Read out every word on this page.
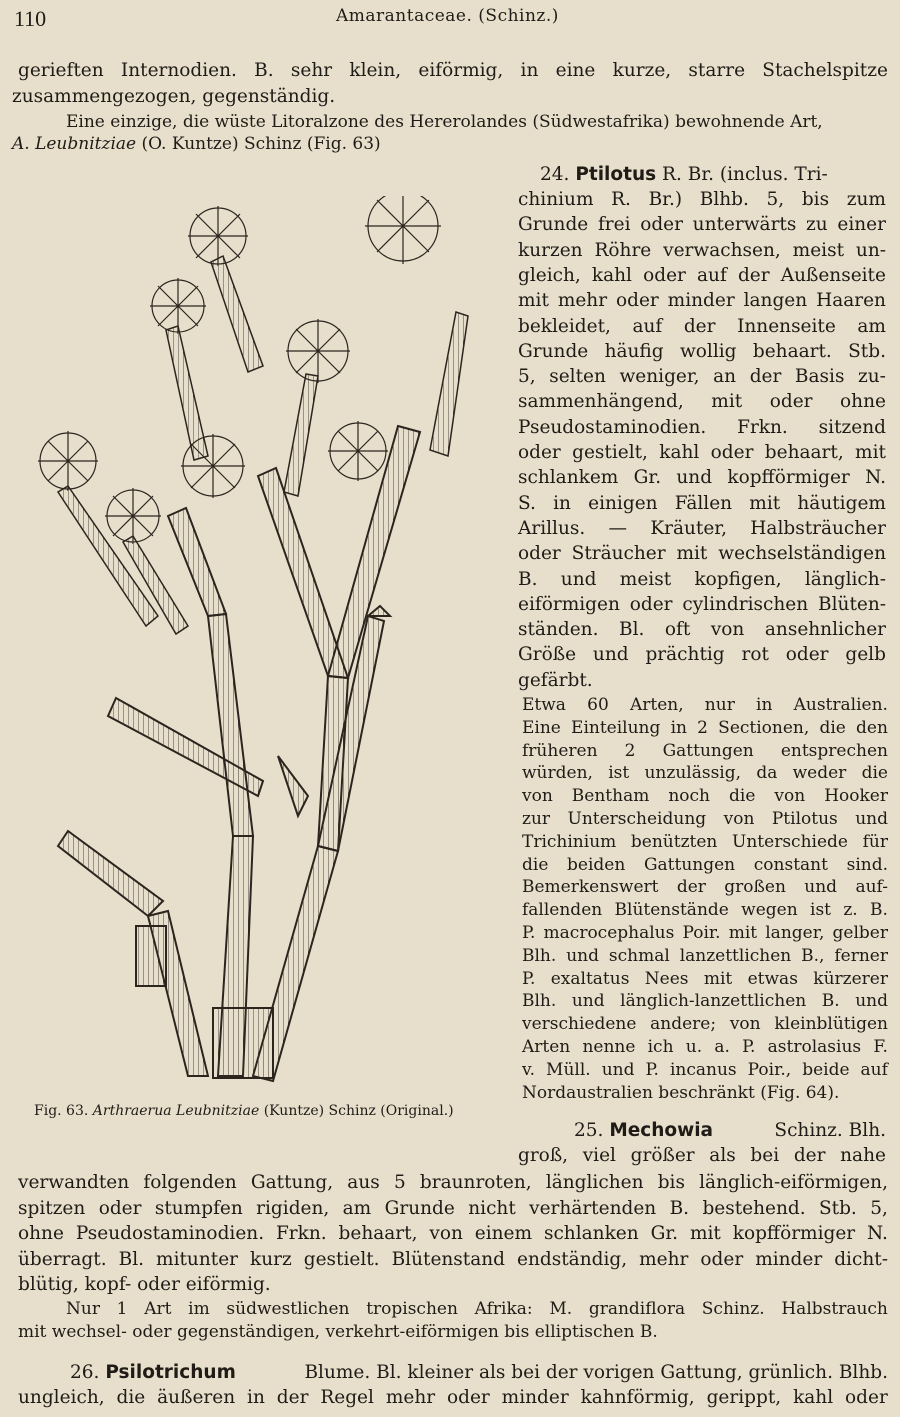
110	Amarantaceae. (Schinz.)
gerieften Internodien. B. sehr klein, eiförmig, in eine kurze, starre Stachelspitze
zusammengezogen, gegenständig.
Eine einzige, die wüste Litoralzone des Hererolandes (Südwestafrika) bewohnende Art,
A. Leubnitziae (O. Kuntze) Schinz (Fig. 63)
24. Ptilotus R. Br. (inclus. Tri-
chinium R. Br.) Blhb. 5, bis zum
Grunde frei oder unterwärts zu einer
kurzen Röhre verwachsen, meist un-
gleich, kahl oder auf der Außenseite
mit mehr oder minder langen Haaren
bekleidet, auf der Innenseite am
Grunde häufig wollig behaart. Stb.
5, selten weniger, an der Basis zu-
sammenhängend, mit oder ohne
Pseudostaminodien. Frkn. sitzend
oder gestielt, kahl oder behaart, mit
schlankem Gr. und kopfförmiger N.
S. in einigen Fällen mit häutigem
Arillus. — Kräuter, Halbsträucher
oder Sträucher mit wechselständigen
B. und meist kopfigen, länglich-
eiförmigen oder cylindrischen Blüten-
ständen. Bl. oft von ansehnlicher
Größe und prächtig rot oder gelb
gefärbt.
Etwa 60 Arten, nur in Australien.
Eine Einteilung in 2 Sectionen, die den
früheren 2 Gattungen entsprechen
würden, ist unzulässig, da weder die
von Bentham noch die von Hooker
zur Unterscheidung von Ptilotus und
Trichinium benützten Unterschiede für
die beiden Gattungen constant sind.
Bemerkenswert der großen und auf-
fallenden Blütenstände wegen ist z. B.
P. macrocephalus Poir. mit langer, gelber
Blh. und schmal lanzettlichen B., ferner
P. exaltatus Nees mit etwas kürzerer
Blh. und länglich-lanzettlichen B. und
verschiedene andere; von kleinblütigen
Arten nenne ich u. a. P. astrolasius F.
v. Müll. und P. incanus Poir., beide auf
Nordaustralien beschränkt (Fig. 64).
Fig. 63. Arthraerua Leubnitziae (Kuntze) Schinz (Original.)
25. Mechowia	Schinz. Blh.
groß, viel größer als bei der nahe
verwandten folgenden Gattung, aus 5 braunroten, länglichen bis länglich-eiförmigen,
spitzen oder stumpfen rigiden, am Grunde nicht verhärtenden B. bestehend. Stb. 5,
ohne Pseudostaminodien. Frkn. behaart, von einem schlanken Gr. mit kopfförmiger N.
überragt. Bl. mitunter kurz gestielt. Blütenstand endständig, mehr oder minder dicht-
blütig, kopf- oder eiförmig.
Nur 1 Art im südwestlichen tropischen Afrika: M. grandiflora Schinz. Halbstrauch
mit wechsel- oder gegenständigen, verkehrt-eiförmigen bis elliptischen B.
26. Psilotrichum	Blume. Bl. kleiner als bei der vorigen Gattung, grünlich. Blhb.
ungleich, die äußeren in der Regel mehr oder minder kahnförmig, gerippt, kahl oder
